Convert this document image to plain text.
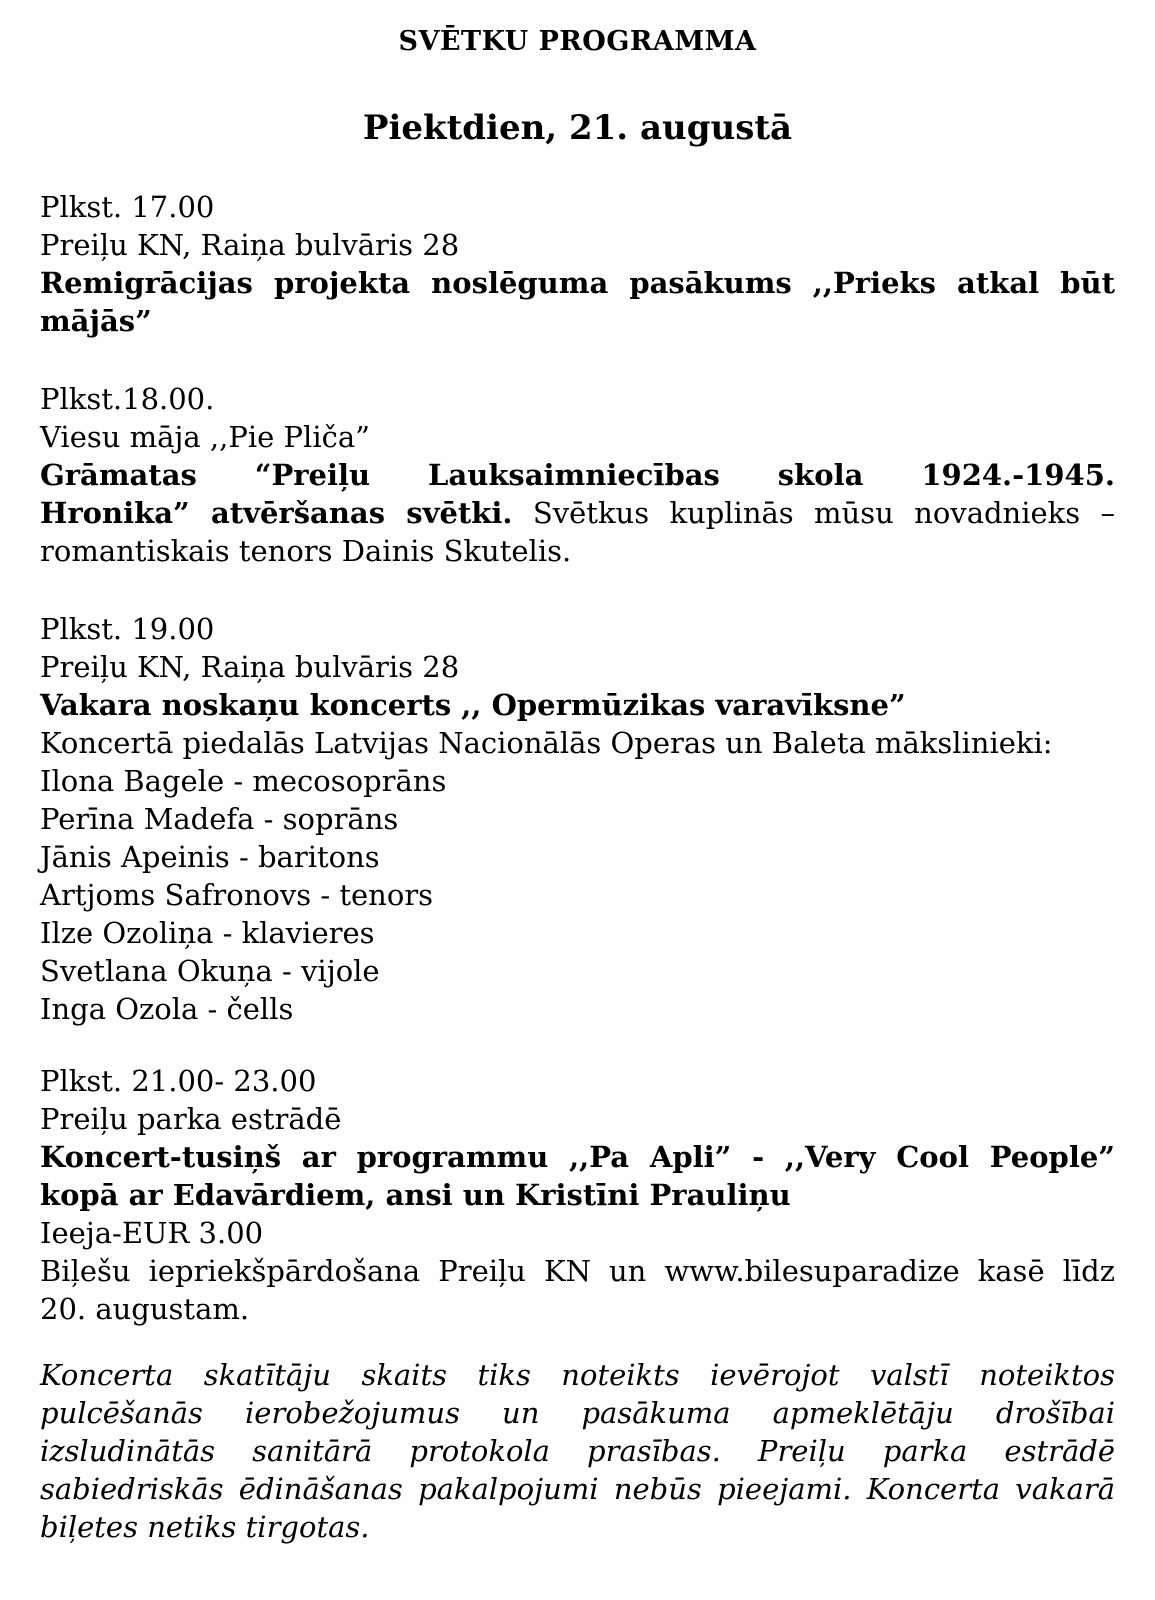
SVĒTKU PROGRAMMA
Piektdien, 21. augustā
Plkst. 17.00
Preiļu KN, Raiņa bulvāris 28
Remigrācijas projekta noslēguma pasākums ,,Prieks atkal būt
mājās”
Plkst.18.00.
Viesu māja ,,Pie Pliča”
Grāmatas “Preiļu Lauksaimniecības skola 1924.-1945.
Hronika” atvēršanas svētki. Svētkus kuplinās mūsu novadnieks –
romantiskais tenors Dainis Skutelis.
Plkst. 19.00
Preiļu KN, Raiņa bulvāris 28
Vakara noskaņu koncerts ,, Opermūzikas varavīksne”
Koncertā piedalās Latvijas Nacionālās Operas un Baleta mākslinieki:
Ilona Bagele - mecosoprāns
Perīna Madefa - soprāns
Jānis Apeinis - baritons
Artjoms Safronovs - tenors
Ilze Ozoliņa - klavieres
Svetlana Okuņa - vijole
Inga Ozola - čells
Plkst. 21.00- 23.00
Preiļu parka estrādē
Koncert-tusiņš ar programmu ,,Pa Apli” - ,,Very Cool People”
kopā ar Edavārdiem, ansi un Kristīni Prauliņu
Ieeja-EUR 3.00
Biļešu iepriekšpārdošana Preiļu KN un www.bilesuparadize kasē līdz
20. augustam.
Koncerta skatītāju skaits tiks noteikts ievērojot valstī noteiktos
pulcēšanās ierobežojumus un pasākuma apmeklētāju drošībai
izsludinātās sanitārā protokola prasības. Preiļu parka estrādē
sabiedriskās ēdināšanas pakalpojumi nebūs pieejami. Koncerta vakarā
biļetes netiks tirgotas.
